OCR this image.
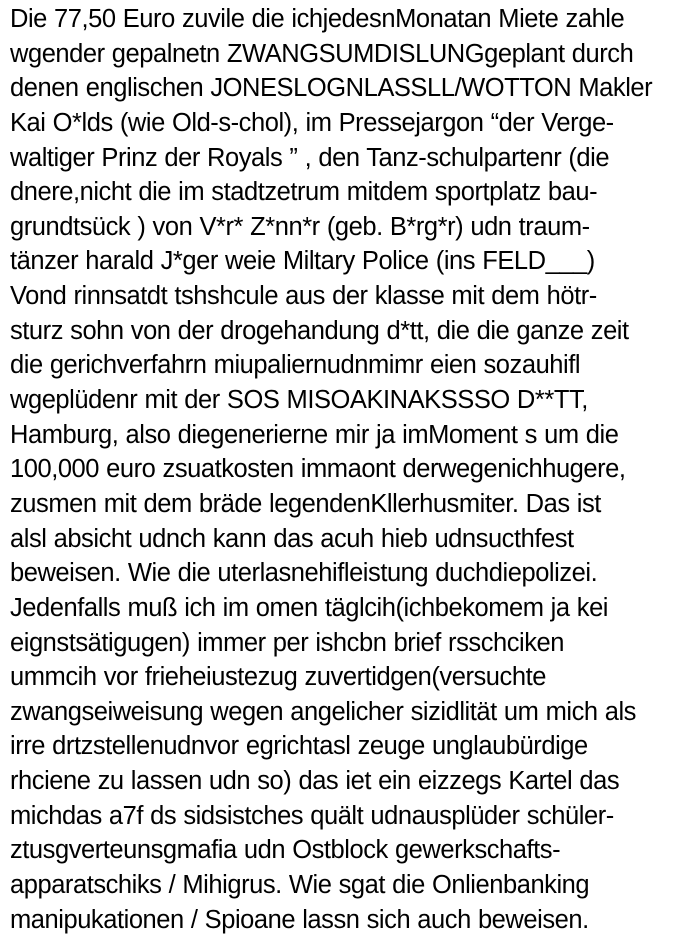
Die 77,50 Euro zuvile die ichjedesnMonatan Miete zahle
wgender gepalnetn ZWANGSUMDISLUNGgeplant durch
denen englischen JONESLOGNLASSLL/WOTTON Makler
Kai O*lds (wie Old-s-chol), im Pressejargon “der Verge-
waltiger Prinz der Royals ” , den Tanz-schulpartenr (die
dnere,nicht die im stadtzetrum mitdem sportplatz bau-
grundtsück ) von V*r* Z*nn*r (geb. B*rg*r) udn traum-
tänzer harald J*ger weie Miltary Police (ins FELD___)
Vond rinnsatdt tshshcule aus der klasse mit dem hötr-
sturz sohn von der drogehandung d*tt, die die ganze zeit
die gerichverfahrn miupaliernudnmimr eien sozauhifl
wgeplüdenr mit der SOS MISOAKINAKSSSO D**TT,
Hamburg, also diegenerierne mir ja imMoment s um die
100,000 euro zsuatkosten immaont derwegenichhugere,
zusmen mit dem bräde legendenKllerhusmiter. Das ist
alsl absicht udnch kann das acuh hieb udnsucthfest
beweisen. Wie die uterlasnehifleistung duchdiepolizei.
Jedenfalls muß ich im omen täglcih(ichbekomem ja kei
eignstsätigugen) immer per ishcbn brief rsschciken
ummcih vor frieheiustezug zuvertidgen(versuchte
zwangseiweisung wegen angelicher sizidlität um mich als
irre drtzstellenudnvor egrichtasl zeuge unglaubürdige
rhciene zu lassen udn so) das iet ein eizzegs Kartel das
michdas a7f ds sidsistches quält udnausplüder schüler-
ztusgverteunsgmafia udn Ostblock gewerkschafts-
apparatschiks / Mihigrus. Wie sgat die Onlienbanking
manipukationen / Spioane lassn sich auch beweisen.
